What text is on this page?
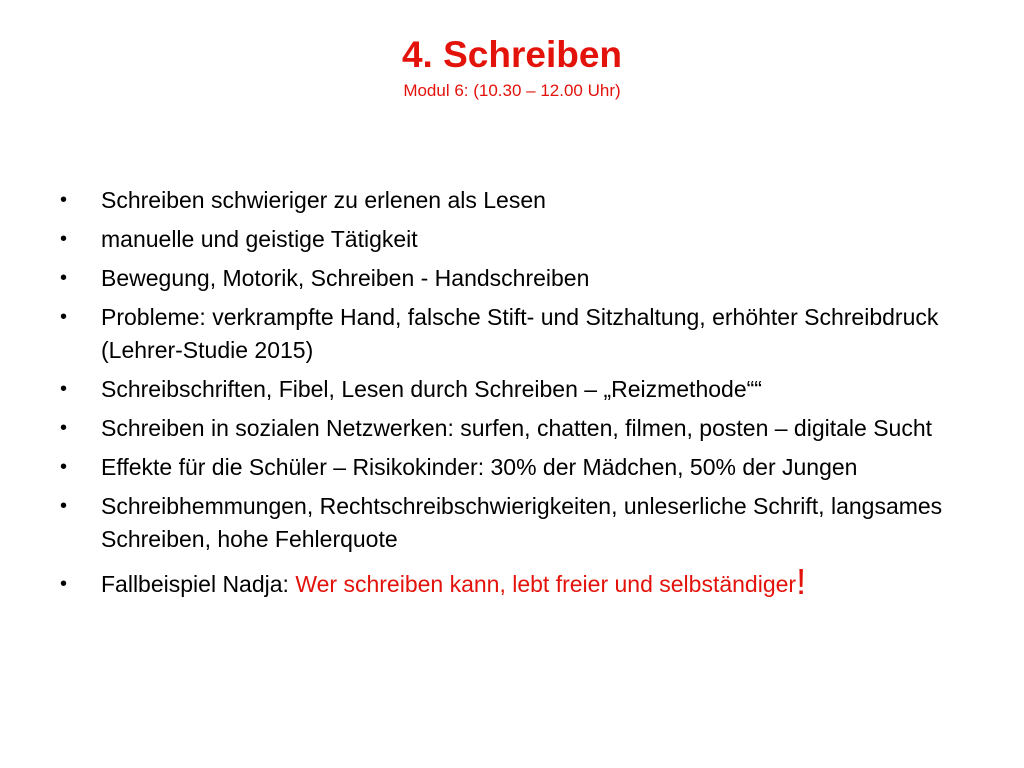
4. Schreiben
Modul 6: (10.30 – 12.00 Uhr)
•	Schreiben schwieriger zu erlenen als Lesen
•	manuelle und geistige Tätigkeit
•	Bewegung, Motorik, Schreiben - Handschreiben
•	Probleme: verkrampfte Hand, falsche Stift- und Sitzhaltung, erhöhter Schreibdruck (Lehrer-Studie 2015)
•	Schreibschriften, Fibel, Lesen durch Schreiben – „Reizmethode““
•	Schreiben in sozialen Netzwerken: surfen, chatten, filmen, posten – digitale Sucht
•	Effekte für die Schüler – Risikokinder: 30% der Mädchen, 50% der Jungen
•	Schreibhemmungen, Rechtschreibschwierigkeiten, unleserliche Schrift, langsames Schreiben, hohe Fehlerquote
•	Fallbeispiel Nadja: Wer schreiben kann, lebt freier und selbständiger!
